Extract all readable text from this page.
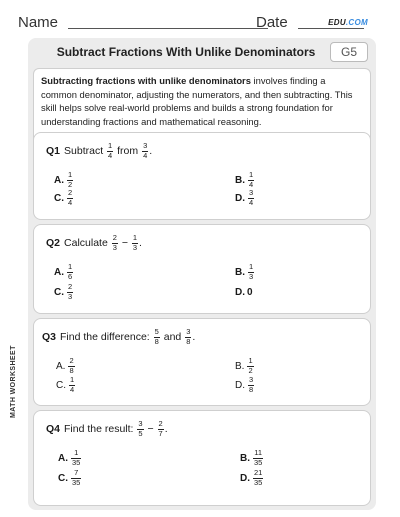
Name	Date	EDU.COM
MATH WORKSHEET
Subtract Fractions With Unlike Denominators	G5
Subtracting fractions with unlike denominators involves finding a common denominator, adjusting the numerators, and then subtracting. This skill helps solve real-world problems and builds a strong foundation for understanding fractions and mathematical reasoning.
Q1 Subtract $\frac{1}{4}$ from $\frac{3}{4}$ .
A. $\frac{1}{2}$	B. $\frac{1}{4}$
C. $\frac{2}{4}$	D. $\frac{3}{4}$
Q2 Calculate $\frac{2}{3} - \frac{1}{3}$ .
A. $\frac{1}{6}$	B. $\frac{1}{3}$
C. $\frac{2}{3}$	D. 0
Q3 Find the difference: $\frac{5}{8}$ and $\frac{3}{8}$ .
A. $\frac{2}{8}$	B. $\frac{1}{2}$
C. $\frac{1}{4}$	D. $\frac{3}{8}$
Q4 Find the result: $\frac{3}{5} - \frac{2}{7}$ .
A. $\frac{1}{35}$	B. $\frac{11}{35}$
C. $\frac{7}{35}$	D. $\frac{21}{35}$
